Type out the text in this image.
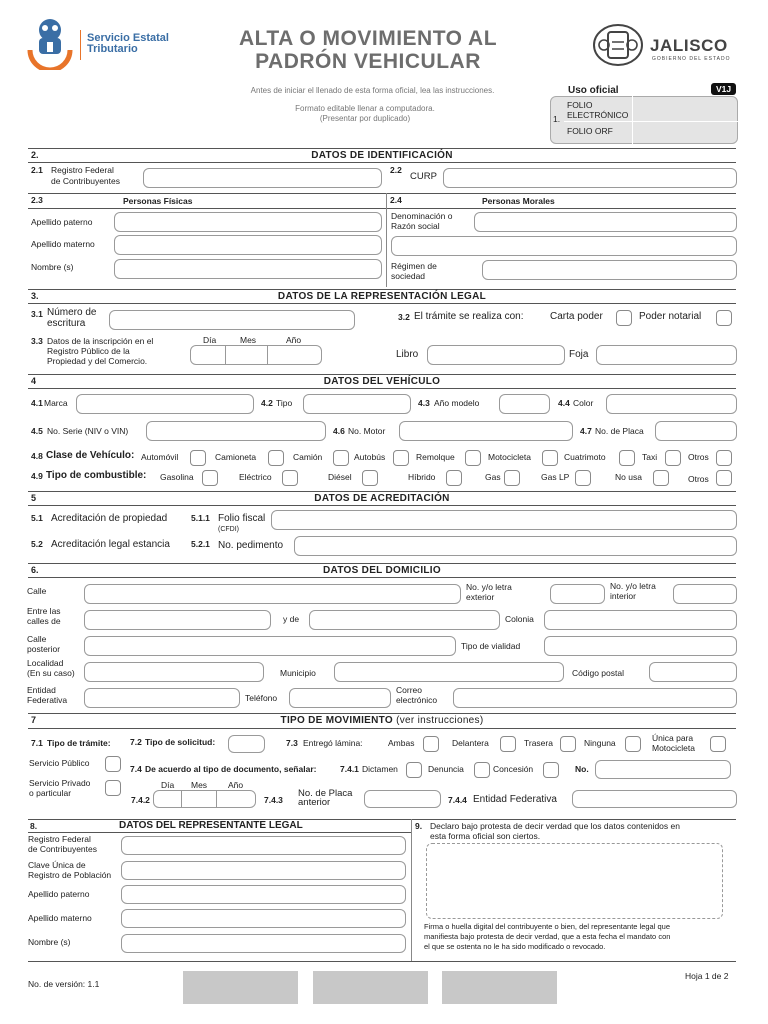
Servicio Estatal
Tributario	ALTA O MOVIMIENTO AL
PADRÓN VEHICULAR
Antes de iniciar el llenado de esta forma oficial, lea las instrucciones.
Formato editable llenar a computadora.
(Presentar por duplicado)
JALISCO
GOBIERNO DEL ESTADO
Uso oficial	V1J
1.
FOLIO ELECTRÓNICO
FOLIO ORF
2.	DATOS DE IDENTIFICACIÓN
2.1 Registro Federal
de Contribuyentes
2.2
CURP
2.3	Personas Físicas	2.4	Personas Morales
Apellido paterno
Apellido materno
Nombre (s)
Denominación o
Razón social
Régimen de
sociedad
3.	DATOS DE LA REPRESENTACIÓN LEGAL
3.1 Número de
escritura
3.2 El trámite se realiza con:	Carta poder	Poder notarial
3.3 Datos de la inscripción en el
Registro Público de la
Propiedad y del Comercio.
Día	Mes	Año
Libro	Foja
4	DATOS DEL VEHÍCULO
4.1 Marca	4.2 Tipo	4.3 Año modelo	4.4 Color
4.5 No. Serie (NIV o VIN)	4.6 No. Motor	4.7 No. de Placa
4.8 Clase de Vehículo: Automóvil	Camioneta	Camión	Autobús	Remolque	Motocicleta	Cuatrimoto	Taxi	Otros
4.9 Tipo de combustible: Gasolina	Eléctrico	Diésel	Híbrido	Gas	Gas LP	No usa	Otros
5	DATOS DE ACREDITACIÓN
5.1 Acreditación de propiedad	5.1.1 Folio fiscal
(CFDI)
5.2 Acreditación legal estancia 5.2.1 No. pedimento
6.	DATOS DEL DOMICILIO
Calle	No. y/o letra
exterior
No. y/o letra
interior
Entre las
calles de	y de	Colonia
Calle
posterior	Tipo de vialidad
Localidad
(En su caso)	Municipio	Código postal
Entidad
Federativa	Teléfono
Correo
electrónico
7	TIPO DE MOVIMIENTO (ver instrucciones)
7.1 Tipo de trámite: 7.2 Tipo de solicitud:	7.3 Entregó lámina:	Ambas	Delantera	Trasera	Ninguna	Única para
Motocicleta
Servicio Público
7.4 De acuerdo al tipo de documento, señalar:	7.4.1 Dictamen	Denuncia	Concesión	No.
Servicio Privado
o particular
Día Mes Año
7.4.2	7.4.3
No. de Placa
anterior	7.4.4 Entidad Federativa
8.	DATOS DEL REPRESENTANTE LEGAL
Registro Federal
de Contribuyentes
Clave Única de
Registro de Población
Apellido paterno
Apellido materno
Nombre (s)
9. Declaro bajo protesta de decir verdad que los datos contenidos en
esta forma oficial son ciertos.
Firma o huella digital del contribuyente o bien, del representante legal que
manifiesta bajo protesta de decir verdad, que a esta fecha el mandato con
el que se ostenta no le ha sido modificado o revocado.
No. de versión: 1.1
Hoja 1 de 2
